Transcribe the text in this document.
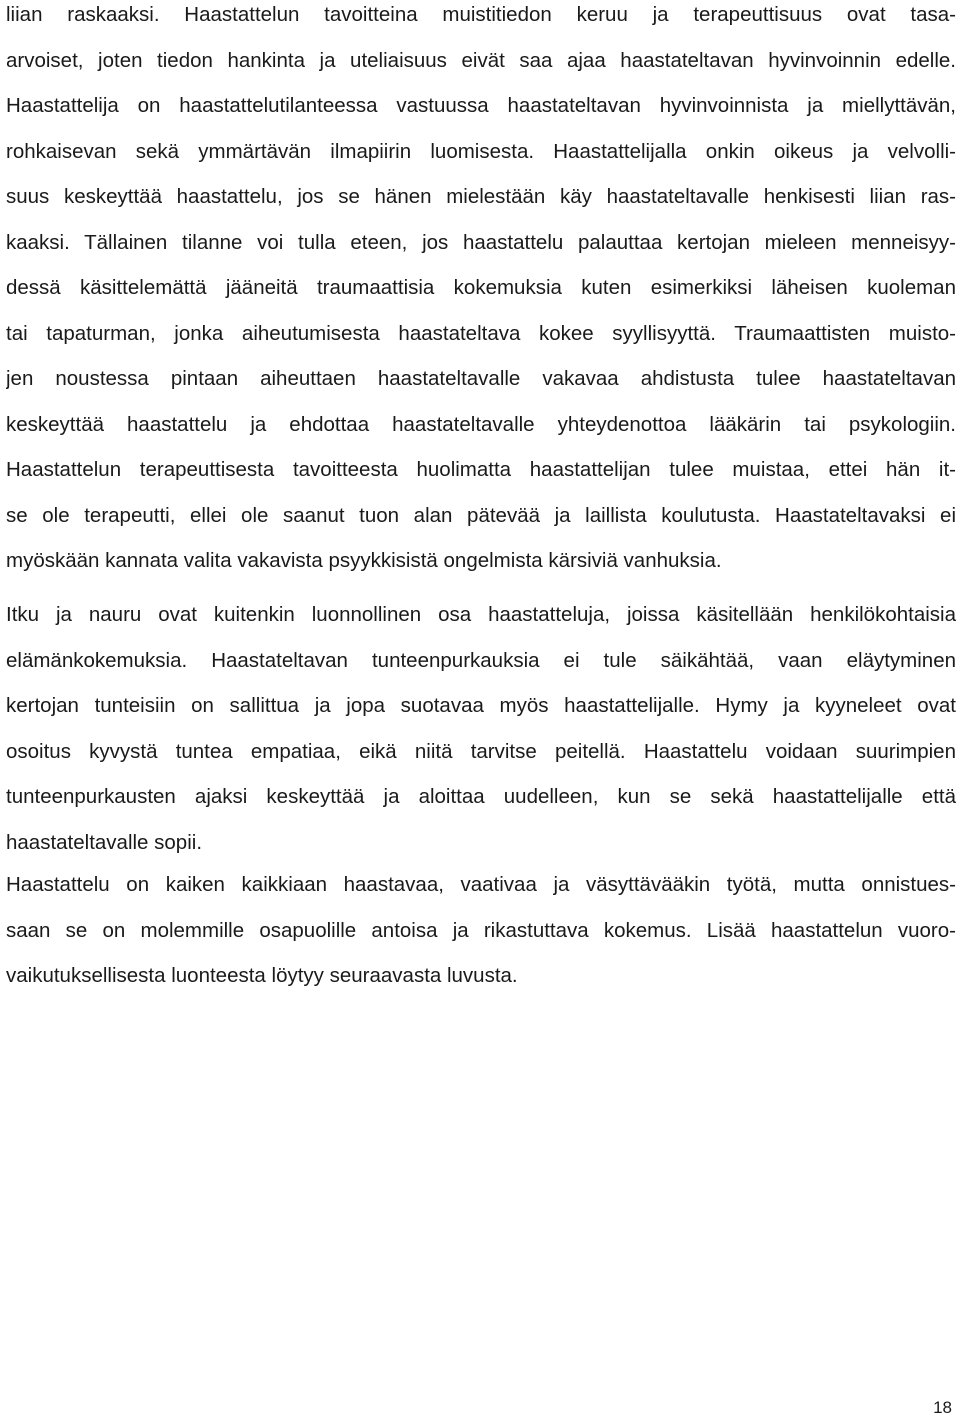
liian raskaaksi. Haastattelun tavoitteina muistitiedon keruu ja terapeuttisuus ovat tasa-
arvoiset, joten tiedon hankinta ja uteliaisuus eivät saa ajaa haastateltavan hyvinvoinnin edelle.
Haastattelija on haastattelutilanteessa vastuussa haastateltavan hyvinvoinnista ja miellyttävän,
rohkaisevan sekä ymmärtävän ilmapiirin luomisesta. Haastattelijalla onkin oikeus ja velvolli-
suus keskeyttää haastattelu, jos se hänen mielestään käy haastateltavalle henkisesti liian ras-
kaaksi. Tällainen tilanne voi tulla eteen, jos haastattelu palauttaa kertojan mieleen menneisyy-
dessä käsittelemättä jääneitä traumaattisia kokemuksia kuten esimerkiksi läheisen kuoleman
tai tapaturman, jonka aiheutumisesta haastateltava kokee syyllisyyttä. Traumaattisten muisto-
jen noustessa pintaan aiheuttaen haastateltavalle vakavaa ahdistusta tulee haastateltavan
keskeyttää haastattelu ja ehdottaa haastateltavalle yhteydenottoa lääkärin tai psykologiin.
Haastattelun terapeuttisesta tavoitteesta huolimatta haastattelijan tulee muistaa, ettei hän it-
se ole terapeutti, ellei ole saanut tuon alan pätevää ja laillista koulutusta. Haastateltavaksi ei
myöskään kannata valita vakavista psyykkisistä ongelmista kärsiviä vanhuksia.
Itku ja nauru ovat kuitenkin luonnollinen osa haastatteluja, joissa käsitellään henkilökohtaisia
elämänkokemuksia. Haastateltavan tunteenpurkauksia ei tule säikähtää, vaan eläytyminen
kertojan tunteisiin on sallittua ja jopa suotavaa myös haastattelijalle. Hymy ja kyyneleet ovat
osoitus kyvystä tuntea empatiaa, eikä niitä tarvitse peitellä. Haastattelu voidaan suurimpien
tunteenpurkausten ajaksi keskeyttää ja aloittaa uudelleen, kun se sekä haastattelijalle että
haastateltavalle sopii.
Haastattelu on kaiken kaikkiaan haastavaa, vaativaa ja väsyttävääkin työtä, mutta onnistues-
saan se on molemmille osapuolille antoisa ja rikastuttava kokemus. Lisää haastattelun vuoro-
vaikutuksellisesta luonteesta löytyy seuraavasta luvusta.
18
